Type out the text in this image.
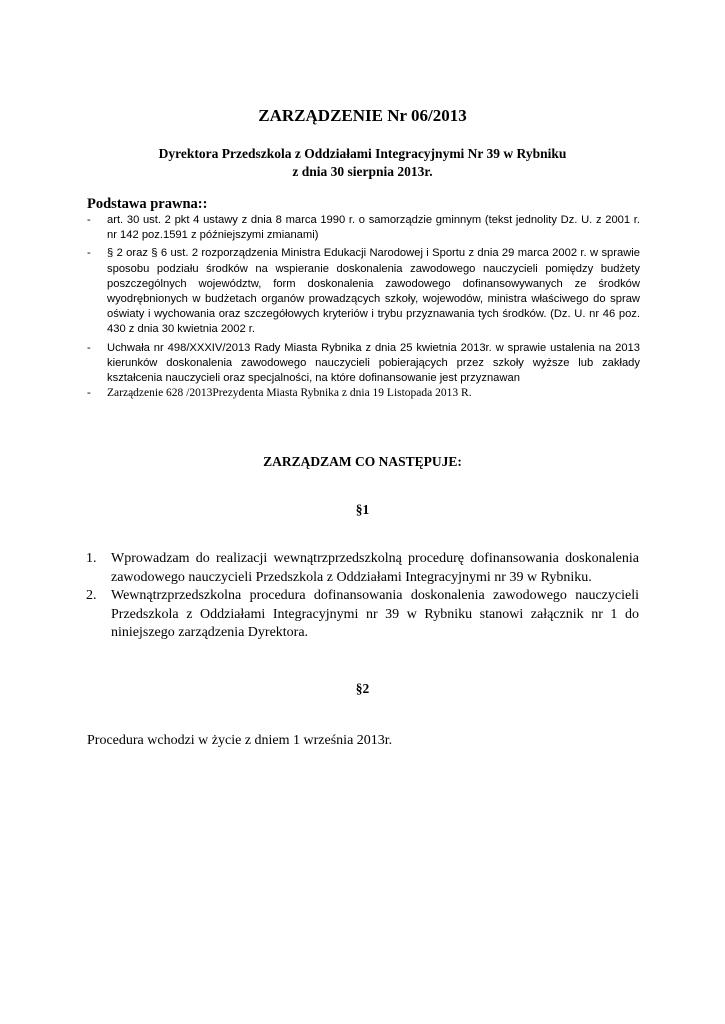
ZARZĄDZENIE Nr 06/2013
Dyrektora Przedszkola z Oddziałami Integracyjnymi Nr 39 w Rybniku
z dnia 30 sierpnia 2013r.
Podstawa prawna::
- art. 30 ust. 2 pkt 4 ustawy z dnia 8 marca 1990 r. o samorządzie gminnym (tekst jednolity Dz. U. z 2001 r. nr 142 poz.1591 z późniejszymi zmianami)
- § 2 oraz § 6 ust. 2 rozporządzenia Ministra Edukacji Narodowej i Sportu z dnia 29 marca 2002 r. w sprawie sposobu podziału środków na wspieranie doskonalenia zawodowego nauczycieli pomiędzy budżety poszczególnych województw, form doskonalenia zawodowego dofinansowywanych ze środków wyodrębnionych w budżetach organów prowadzących szkoły, wojewodów, ministra właściwego do spraw oświaty i wychowania oraz szczegółowych kryteriów i trybu przyznawania tych środków. (Dz. U. nr 46 poz. 430 z dnia 30 kwietnia 2002 r.
- Uchwała nr 498/XXXIV/2013 Rady Miasta Rybnika z dnia 25 kwietnia 2013r. w sprawie ustalenia na 2013 kierunków doskonalenia zawodowego nauczycieli pobierających przez szkoły wyższe lub zakłady kształcenia nauczycieli oraz specjalności, na które dofinansowanie jest przyznawan
- Zarządzenie 628 /2013Prezydenta Miasta Rybnika z dnia 19 Listopada 2013 R.
ZARZĄDZAM CO NASTĘPUJE:
§1
1. Wprowadzam do realizacji wewnątrzprzedszkolną procedurę dofinansowania doskonalenia zawodowego nauczycieli Przedszkola z Oddziałami Integracyjnymi nr 39 w Rybniku.
2. Wewnątrzprzedszkolna procedura dofinansowania doskonalenia zawodowego nauczycieli Przedszkola z Oddziałami Integracyjnymi nr 39 w Rybniku stanowi załącznik nr 1 do niniejszego zarządzenia Dyrektora.
§2
Procedura wchodzi w życie z dniem 1 września 2013r.
